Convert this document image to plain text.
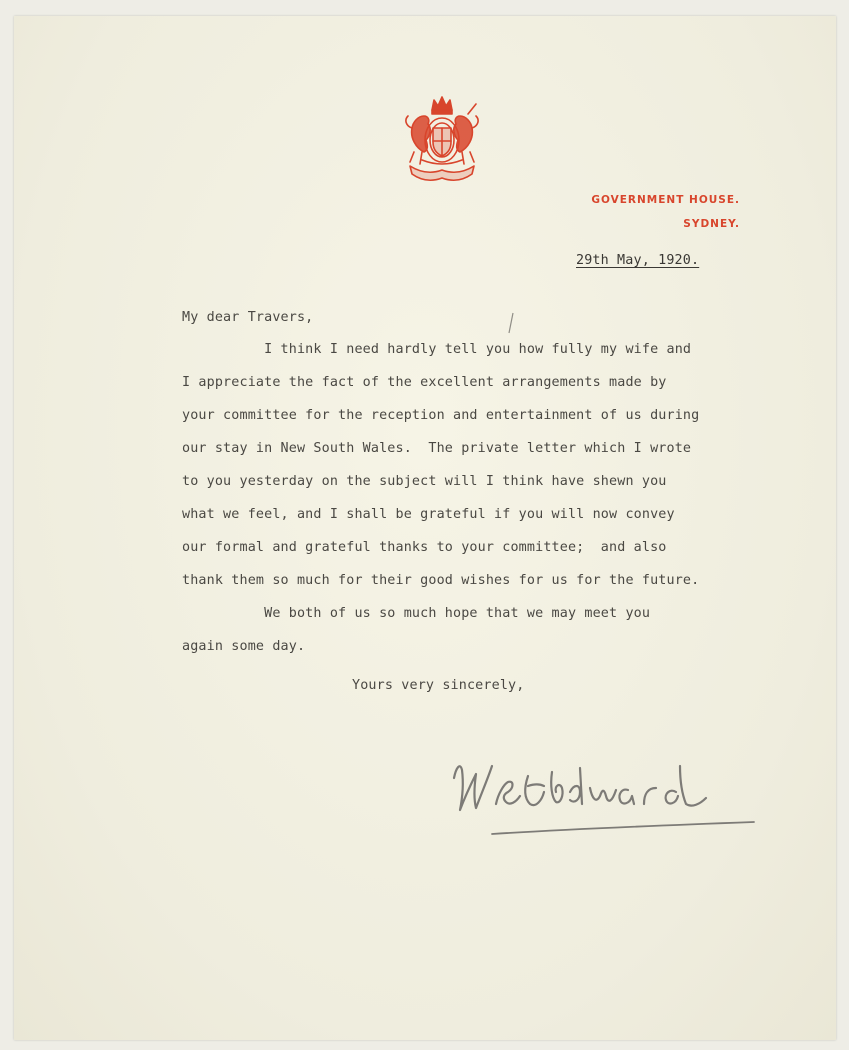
GOVERNMENT HOUSE.
SYDNEY.
29th May, 1920.
My dear Travers,
I think I need hardly tell you how fully my wife and
I appreciate the fact of the excellent arrangements made by
your committee for the reception and entertainment of us during
our stay in New South Wales.  The private letter which I wrote
to you yesterday on the subject will I think have shewn you
what we feel, and I shall be grateful if you will now convey
our formal and grateful thanks to your committee;  and also
thank them so much for their good wishes for us for the future.
We both of us so much hope that we may meet you
again some day.
Yours very sincerely,
